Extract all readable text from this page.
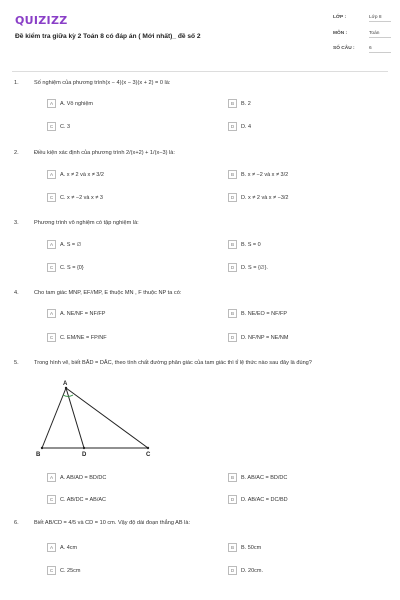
QUIZIZZ
Đề kiểm tra giữa kỳ 2 Toán 8 có đáp án ( Mới nhất)_ đề số 2
LỚP :	Lớp 8
MÔN :	Toán
SỐ CÂU :	6
1.	Số nghiệm của phương trình(x − 4)(x − 3)(x + 2) = 0 là:
A	A. Vô nghiệm	B	B. 2
C	C. 3	D	D. 4
2.	Điều kiện xác định của phương trình 2/(x+2) + 1/(x−3) là:
A	A. x ≠ 2 và x ≠ 3/2	B	B. x ≠ −2 và x ≠ 3/2
C	C. x ≠ −2 và x ≠ 3	D	D. x ≠ 2 và x ≠ −3/2
3.	Phương trình vô nghiệm có tập nghiệm là:
A	A. S = ∅	B	B. S = 0
C	C. S = {0}	D	D. S = {∅}.
4.	Cho tam giác MNP, EF//MP, E thuộc MN , F thuộc NP ta có:
A	A. NE/NF = NF/FP	B	B. NE/EO = NF/FP
C	C. EM/NE = FP/NF	D	D. NF/NP = NE/NM
5.	Trong hình vẽ, biết BÂD = DÂC, theo tính chất đường phân giác của tam giác thì tỉ lệ thức nào sau đây là đúng?
A	A. AB/AD = BD/DC	B	B. AB/AC = BD/DC
C	C. AB/DC = AB/AC	D	D. AB/AC = DC/BD
A
B	C
D
6.	Biết AB/CD = 4/5 và CD = 10 cm. Vậy độ dài đoạn thẳng AB là:
A	A. 4cm	B	B. 50cm
C	C. 25cm	D	D. 20cm.
